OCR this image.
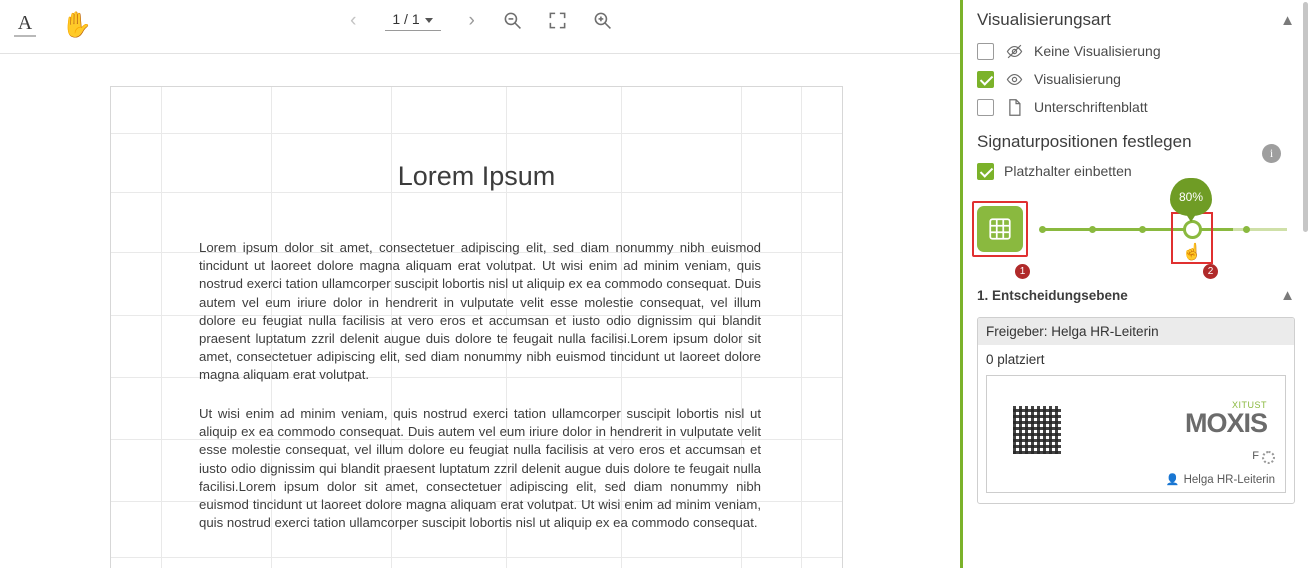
A ✋	‹	1 / 1	›
Lorem Ipsum
Lorem ipsum dolor sit amet, consectetuer adipiscing elit, sed diam nonummy nibh euismod tincidunt ut laoreet dolore magna aliquam erat volutpat. Ut wisi enim ad minim veniam, quis nostrud exerci tation ullamcorper suscipit lobortis nisl ut aliquip ex ea commodo consequat. Duis autem vel eum iriure dolor in hendrerit in vulputate velit esse molestie consequat, vel illum dolore eu feugiat nulla facilisis at vero eros et accumsan et iusto odio dignissim qui blandit praesent luptatum zzril delenit augue duis dolore te feugait nulla facilisi.Lorem ipsum dolor sit amet, consectetuer adipiscing elit, sed diam nonummy nibh euismod tincidunt ut laoreet dolore magna aliquam erat volutpat.
Ut wisi enim ad minim veniam, quis nostrud exerci tation ullamcorper suscipit lobortis nisl ut aliquip ex ea commodo consequat. Duis autem vel eum iriure dolor in hendrerit in vulputate velit esse molestie consequat, vel illum dolore eu feugiat nulla facilisis at vero eros et accumsan et iusto odio dignissim qui blandit praesent luptatum zzril delenit augue duis dolore te feugait nulla facilisi.Lorem ipsum dolor sit amet, consectetuer adipiscing elit, sed diam nonummy nibh euismod tincidunt ut laoreet dolore magna aliquam erat volutpat. Ut wisi enim ad minim veniam, quis nostrud exerci tation ullamcorper suscipit lobortis nisl ut aliquip ex ea commodo consequat.
Visualisierungsart	▲
Keine Visualisierung
Visualisierung
Unterschriftenblatt
Signaturpositionen festlegen
i
Platzhalter einbetten
80%
1	2
☝
1. Entscheidungsebene	▲
Freigeber: Helga HR-Leiterin
0 platziert
XITUST
MOXIS
F
👤 Helga HR-Leiterin
